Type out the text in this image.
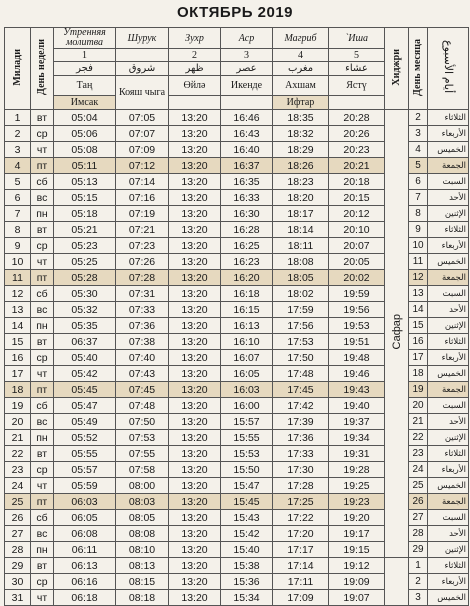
ОКТЯБРЬ 2019
Милади	День недели	Утренняя молитва	Шурук	Зухр	Аср	Магриб	`Иша	Хиджри	День месяца	أيام الأسبوع
		1		2	3	4	5			
		فجر	شروق	ظهر	عصر	مغرب	عشاء			
		Таң	Кояш чыга	Өйлә	Икенде	Ахшам	Ястү			
		Имсак				Ифтар				
1	вт	05:04	07:05	13:20	16:46	18:35	20:28	Сафар	2	الثلاثاء
2	ср	05:06	07:07	13:20	16:43	18:32	20:26		3	الأربعاء
3	чт	05:08	07:09	13:20	16:40	18:29	20:23		4	الخميس
4	пт	05:11	07:12	13:20	16:37	18:26	20:21		5	الجمعة
5	сб	05:13	07:14	13:20	16:35	18:23	20:18		6	السبت
6	вс	05:15	07:16	13:20	16:33	18:20	20:15		7	الأحد
7	пн	05:18	07:19	13:20	16:30	18:17	20:12		8	الإثنين
8	вт	05:21	07:21	13:20	16:28	18:14	20:10		9	الثلاثاء
9	ср	05:23	07:23	13:20	16:25	18:11	20:07		10	الأربعاء
10	чт	05:25	07:26	13:20	16:23	18:08	20:05		11	الخميس
11	пт	05:28	07:28	13:20	16:20	18:05	20:02		12	الجمعة
12	сб	05:30	07:31	13:20	16:18	18:02	19:59		13	السبت
13	вс	05:32	07:33	13:20	16:15	17:59	19:56		14	الأحد
14	пн	05:35	07:36	13:20	16:13	17:56	19:53		15	الإثنين
15	вт	06:37	07:38	13:20	16:10	17:53	19:51		16	الثلاثاء
16	ср	05:40	07:40	13:20	16:07	17:50	19:48		17	الأربعاء
17	чт	05:42	07:43	13:20	16:05	17:48	19:46		18	الخميس
18	пт	05:45	07:45	13:20	16:03	17:45	19:43		19	الجمعة
19	сб	05:47	07:48	13:20	16:00	17:42	19:40		20	السبت
20	вс	05:49	07:50	13:20	15:57	17:39	19:37		21	الأحد
21	пн	05:52	07:53	13:20	15:55	17:36	19:34		22	الإثنين
22	вт	05:55	07:55	13:20	15:53	17:33	19:31		23	الثلاثاء
23	ср	05:57	07:58	13:20	15:50	17:30	19:28		24	الأربعاء
24	чт	05:59	08:00	13:20	15:47	17:28	19:25		25	الخميس
25	пт	06:03	08:03	13:20	15:45	17:25	19:23		26	الجمعة
26	сб	06:05	08:05	13:20	15:43	17:22	19:20		27	السبت
27	вс	06:08	08:08	13:20	15:42	17:20	19:17		28	الأحد
28	пн	06:11	08:10	13:20	15:40	17:17	19:15		29	الإثنين
29	вт	06:13	08:13	13:20	15:38	17:14	19:12		1	الثلاثاء
30	ср	06:16	08:15	13:20	15:36	17:11	19:09		2	الأربعاء
31	чт	06:18	08:18	13:20	15:34	17:09	19:07		3	الخميس
